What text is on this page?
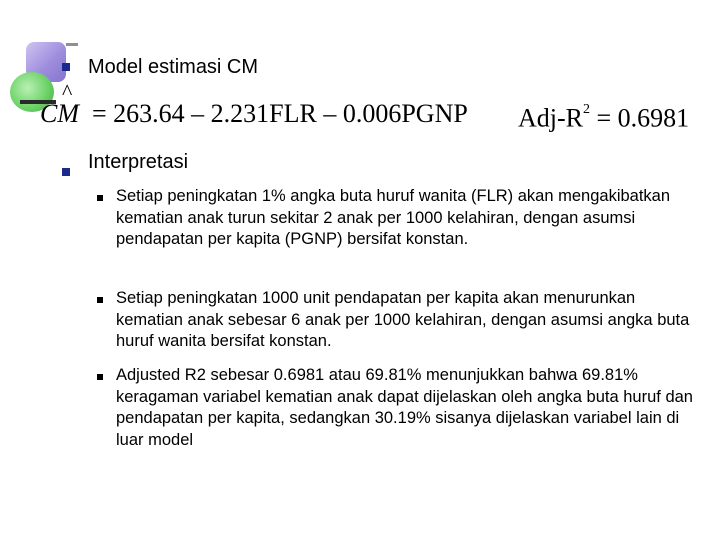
Model estimasi CM
CM
^
= 263.64 – 2.231FLR – 0.006PGNP Adj-$R^2 = 0.6981$
Interpretasi
Setiap peningkatan 1% angka buta huruf wanita (FLR) akan mengakibatkan kematian anak turun sekitar 2 anak per 1000 kelahiran, dengan asumsi pendapatan per kapita (PGNP) bersifat konstan.
Setiap peningkatan 1000 unit pendapatan per kapita akan menurunkan kematian anak sebesar 6 anak per 1000 kelahiran, dengan asumsi angka buta huruf wanita bersifat konstan.
Adjusted R2 sebesar 0.6981 atau 69.81% menunjukkan bahwa 69.81% keragaman variabel kematian anak dapat dijelaskan oleh angka buta huruf dan pendapatan per kapita, sedangkan 30.19% sisanya dijelaskan variabel lain di luar model
